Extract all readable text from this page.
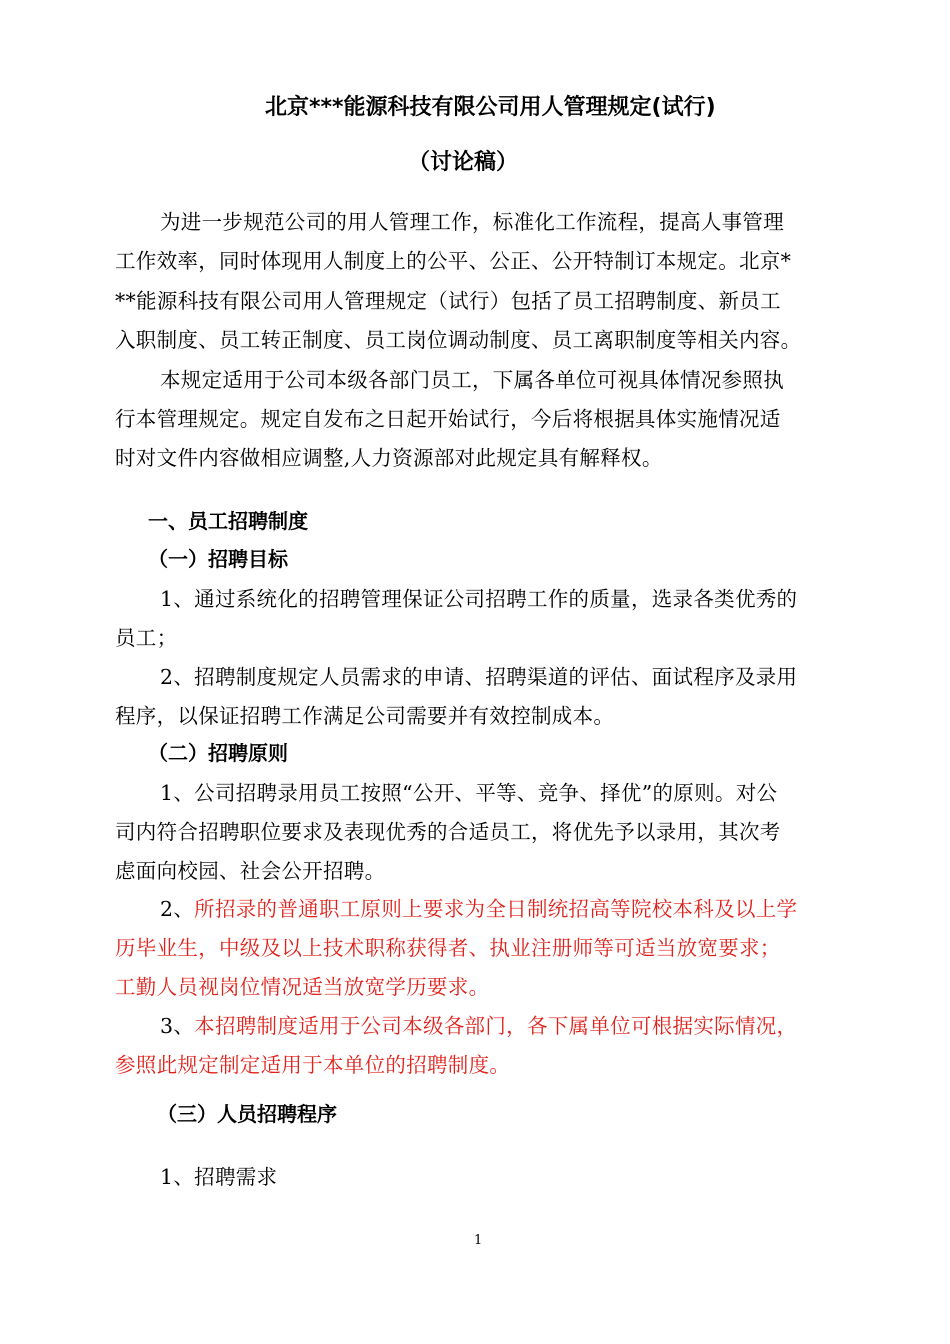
北京***能源科技有限公司用人管理规定(试行)
（讨论稿）
为进一步规范公司的用人管理工作，标准化工作流程，提高人事管理
工作效率，同时体现用人制度上的公平、公正、公开特制订本规定。北京*
**能源科技有限公司用人管理规定（试行）包括了员工招聘制度、新员工
入职制度、员工转正制度、员工岗位调动制度、员工离职制度等相关内容。
本规定适用于公司本级各部门员工，下属各单位可视具体情况参照执
行本管理规定。规定自发布之日起开始试行，今后将根据具体实施情况适
时对文件内容做相应调整,人力资源部对此规定具有解释权。
一、员工招聘制度
（一）招聘目标
1、通过系统化的招聘管理保证公司招聘工作的质量，选录各类优秀的
员工；
2、招聘制度规定人员需求的申请、招聘渠道的评估、面试程序及录用
程序，以保证招聘工作满足公司需要并有效控制成本。
（二）招聘原则
1、公司招聘录用员工按照“公开、平等、竞争、择优”的原则。对公
司内符合招聘职位要求及表现优秀的合适员工，将优先予以录用，其次考
虑面向校园、社会公开招聘。
2、所招录的普通职工原则上要求为全日制统招高等院校本科及以上学
历毕业生，中级及以上技术职称获得者、执业注册师等可适当放宽要求；
工勤人员视岗位情况适当放宽学历要求。
3、本招聘制度适用于公司本级各部门，各下属单位可根据实际情况，
参照此规定制定适用于本单位的招聘制度。
（三）人员招聘程序
1、招聘需求
1
